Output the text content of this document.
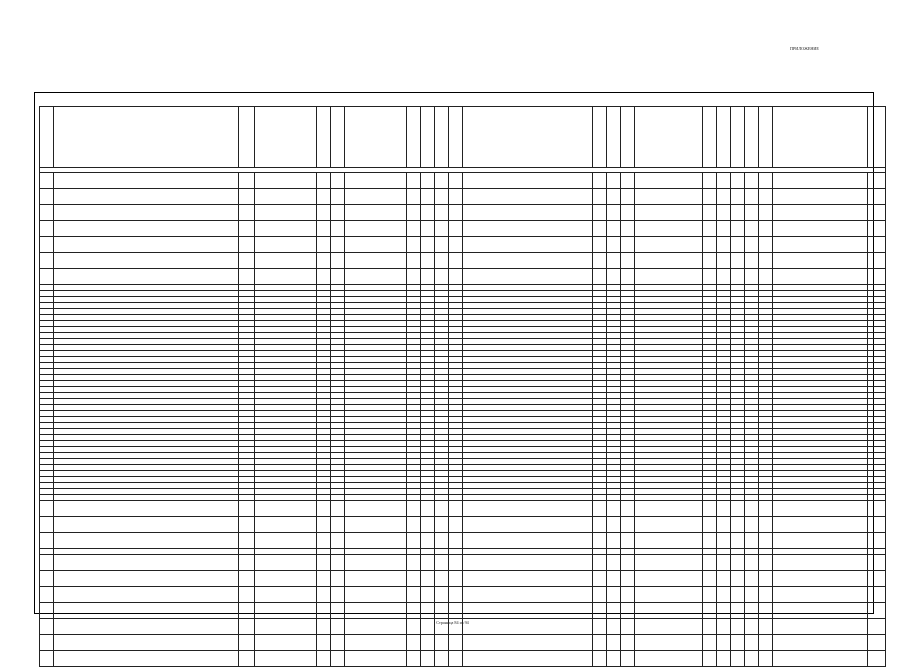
ПРИЛОЖЕНИЕ

Страница 84 из 94
